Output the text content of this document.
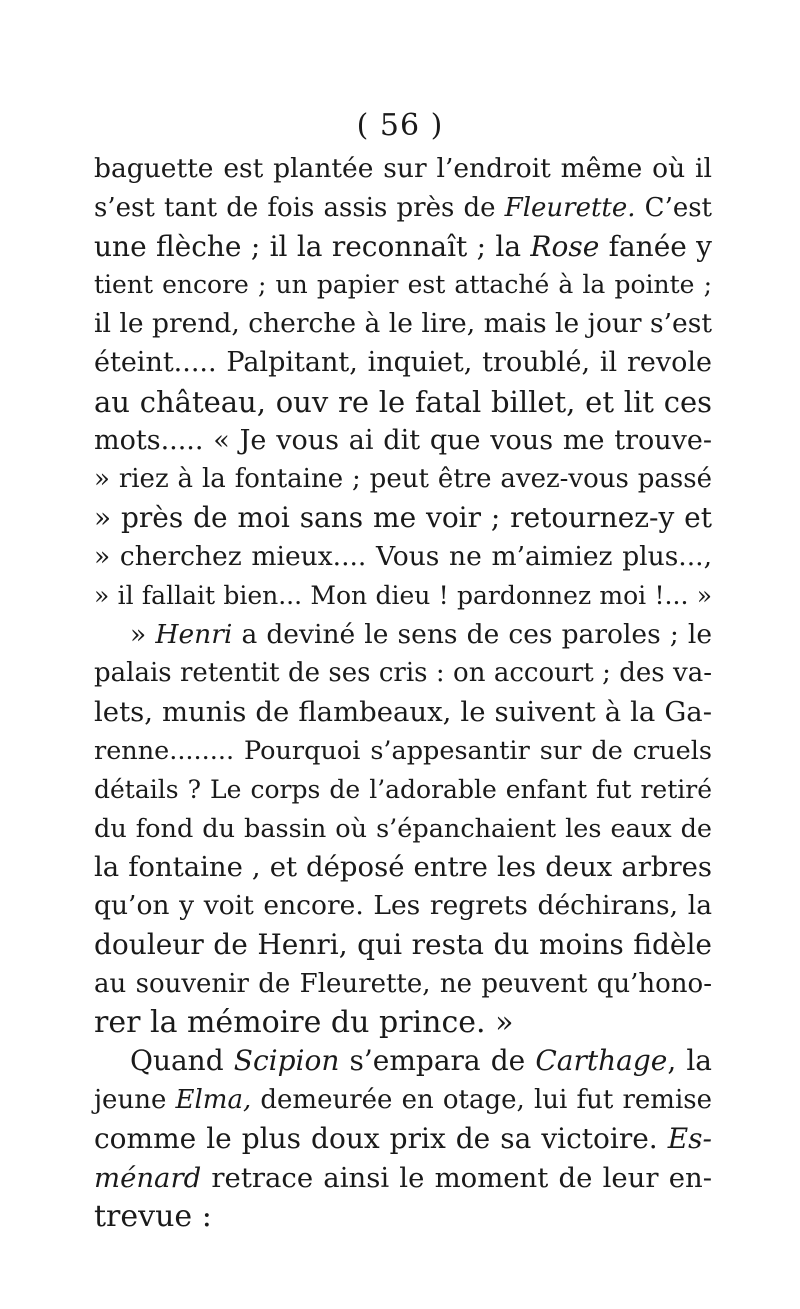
( 56 )
baguette est plantée sur l’endroit même où il
s’est tant de fois assis près de Fleurette. C’est
une flèche ; il la reconnaît ; la Rose fanée y
tient encore ; un papier est attaché à la pointe ;
il le prend, cherche à le lire, mais le jour s’est
éteint..... Palpitant, inquiet, troublé, il revole
au château, ouv re le fatal billet, et lit ces
mots..... « Je vous ai dit que vous me trouve-
» riez à la fontaine ; peut être avez-vous passé
» près de moi sans me voir ; retournez-y et
» cherchez mieux.... Vous ne m’aimiez plus...,
» il fallait bien... Mon dieu ! pardonnez moi !... »
» Henri a deviné le sens de ces paroles ; le
palais retentit de ses cris : on accourt ; des va-
lets, munis de flambeaux, le suivent à la Ga-
renne........ Pourquoi s’appesantir sur de cruels
détails ? Le corps de l’adorable enfant fut retiré
du fond du bassin où s’épanchaient les eaux de
la fontaine , et déposé entre les deux arbres
qu’on y voit encore. Les regrets déchirans, la
douleur de Henri, qui resta du moins fidèle
au souvenir de Fleurette, ne peuvent qu’hono-
rer la mémoire du prince. »
Quand Scipion s’empara de Carthage, la
jeune Elma, demeurée en otage, lui fut remise
comme le plus doux prix de sa victoire. Es-
ménard retrace ainsi le moment de leur en-
trevue :
